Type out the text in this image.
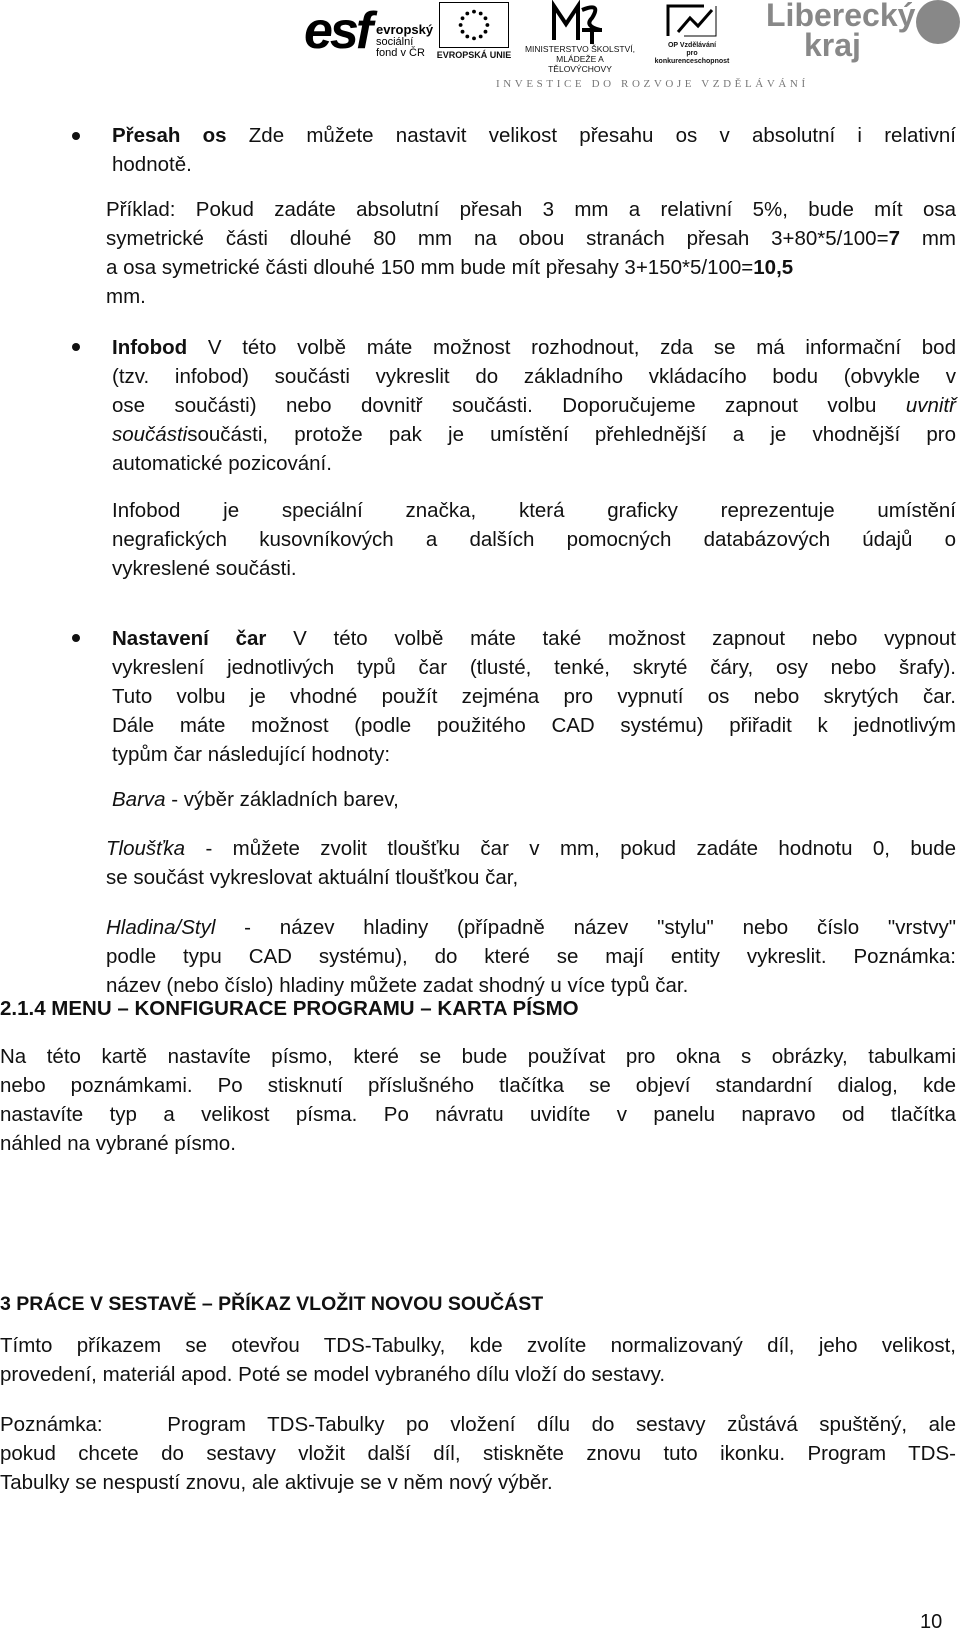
esf evropský
sociální
fond v ČR	EVROPSKÁ UNIE
MINISTERSTVO ŠKOLSTVÍ,
MLÁDEŽE A TĚLOVÝCHOVY
OP Vzdělávání
pro konkurenceschopnost
Liberecký
kraj
INVESTICE DO ROZVOJE VZDĚLÁVÁNÍ
Přesah os Zde můžete nastavit velikost přesahu os v absolutní i relativní
hodnotě.
Příklad: Pokud zadáte absolutní přesah 3 mm a relativní 5%, bude mít osa
symetrické části dlouhé 80 mm na obou stranách přesah 3+80*5/100=7 mm
a osa symetrické části dlouhé 150 mm bude mít přesahy 3+150*5/100=10,5
mm.
Infobod V této volbě máte možnost rozhodnout, zda se má informační bod
(tzv. infobod) součásti vykreslit do základního vkládacího bodu (obvykle v
ose součásti) nebo dovnitř součásti. Doporučujeme zapnout volbu uvnitř
součástisoučásti, protože pak je umístění přehlednější a je vhodnější pro
automatické pozicování.
Infobod je speciální značka, která graficky reprezentuje umístění
negrafických kusovníkových a dalších pomocných databázových údajů o
vykreslené součásti.
Nastavení čar V této volbě máte také možnost zapnout nebo vypnout
vykreslení jednotlivých typů čar (tlusté, tenké, skryté čáry, osy nebo šrafy).
Tuto volbu je vhodné použít zejména pro vypnutí os nebo skrytých čar.
Dále máte možnost (podle použitého CAD systému) přiřadit k jednotlivým
typům čar následující hodnoty:
Barva - výběr základních barev,
Tloušťka - můžete zvolit tloušťku čar v mm, pokud zadáte hodnotu 0, bude
se součást vykreslovat aktuální tloušťkou čar,
Hladina/Styl - název hladiny (případně název "stylu" nebo číslo "vrstvy"
podle typu CAD systému), do které se mají entity vykreslit. Poznámka:
název (nebo číslo) hladiny můžete zadat shodný u více typů čar.
2.1.4 MENU – KONFIGURACE PROGRAMU – KARTA PÍSMO
Na této kartě nastavíte písmo, které se bude používat pro okna s obrázky, tabulkami
nebo poznámkami. Po stisknutí příslušného tlačítka se objeví standardní dialog, kde
nastavíte typ a velikost písma. Po návratu uvidíte v panelu napravo od tlačítka
náhled na vybrané písmo.
3 PRÁCE V SESTAVĚ – PŘÍKAZ VLOŽIT NOVOU SOUČÁST
Tímto příkazem se otevřou TDS-Tabulky, kde zvolíte normalizovaný díl, jeho velikost,
provedení, materiál apod. Poté se model vybraného dílu vloží do sestavy.
Poznámka:   Program TDS-Tabulky po vložení dílu do sestavy zůstává spuštěný, ale
pokud chcete do sestavy vložit další díl, stiskněte znovu tuto ikonku. Program TDS-
Tabulky se nespustí znovu, ale aktivuje se v něm nový výběr.
10
